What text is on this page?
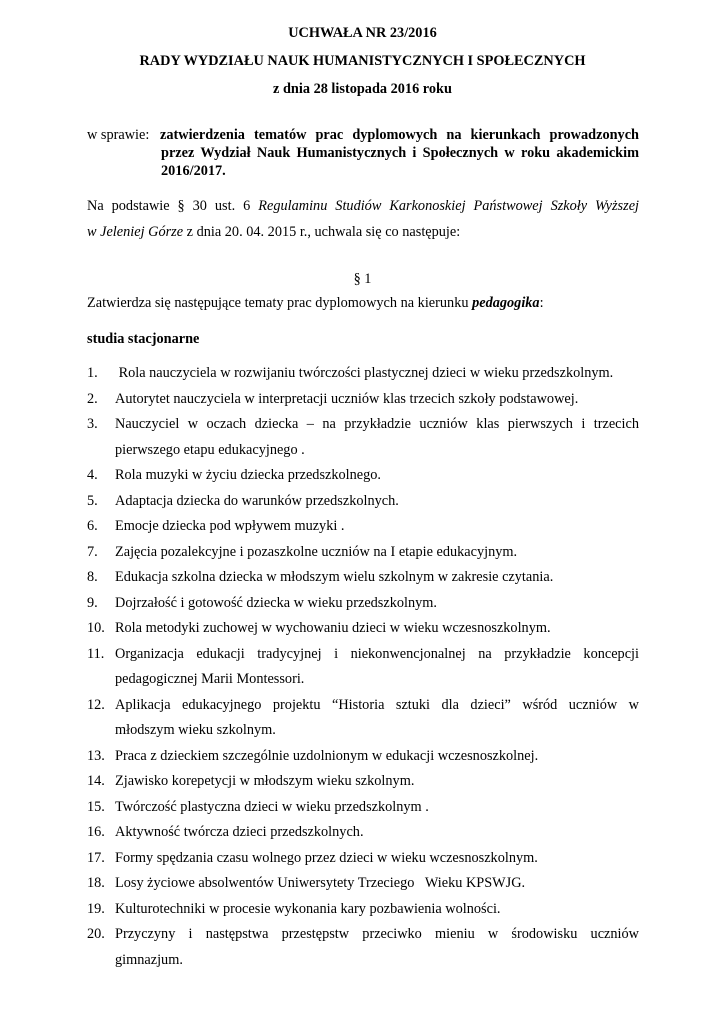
UCHWAŁA NR 23/2016
RADY WYDZIAŁU NAUK HUMANISTYCZNYCH I SPOŁECZNYCH
z dnia 28 listopada 2016 roku
w sprawie: zatwierdzenia tematów prac dyplomowych na kierunkach prowadzonych
przez Wydział Nauk Humanistycznych i Społecznych w roku akademickim
2016/2017.
Na podstawie § 30 ust. 6 Regulaminu Studiów Karkonoskiej Państwowej Szkoły Wyższej
w Jeleniej Górze z dnia 20. 04. 2015 r., uchwala się co następuje:
§ 1
Zatwierdza się następujące tematy prac dyplomowych na kierunku pedagogika:
studia stacjonarne
1. Rola nauczyciela w rozwijaniu twórczości plastycznej dzieci w wieku przedszkolnym.
2. Autorytet nauczyciela w interpretacji uczniów klas trzecich szkoły podstawowej.
3. Nauczyciel w oczach dziecka – na przykładzie uczniów klas pierwszych i trzecich
pierwszego etapu edukacyjnego .
4. Rola muzyki w życiu dziecka przedszkolnego.
5. Adaptacja dziecka do warunków przedszkolnych.
6. Emocje dziecka pod wpływem muzyki .
7. Zajęcia pozalekcyjne i pozaszkolne uczniów na I etapie edukacyjnym.
8. Edukacja szkolna dziecka w młodszym wielu szkolnym w zakresie czytania.
9. Dojrzałość i gotowość dziecka w wieku przedszkolnym.
10. Rola metodyki zuchowej w wychowaniu dzieci w wieku wczesnoszkolnym.
11. Organizacja edukacji tradycyjnej i niekonwencjonalnej na przykładzie koncepcji
pedagogicznej Marii Montessori.
12. Aplikacja edukacyjnego projektu “Historia sztuki dla dzieci” wśród uczniów w
młodszym wieku szkolnym.
13. Praca z dzieckiem szczególnie uzdolnionym w edukacji wczesnoszkolnej.
14. Zjawisko korepetycji w młodszym wieku szkolnym.
15. Twórczość plastyczna dzieci w wieku przedszkolnym .
16. Aktywność twórcza dzieci przedszkolnych.
17. Formy spędzania czasu wolnego przez dzieci w wieku wczesnoszkolnym.
18. Losy życiowe absolwentów Uniwersytety Trzeciego   Wieku KPSWJG.
19. Kulturotechniki w procesie wykonania kary pozbawienia wolności.
20. Przyczyny i następstwa przestępstw przeciwko mieniu w środowisku uczniów
gimnazjum.
